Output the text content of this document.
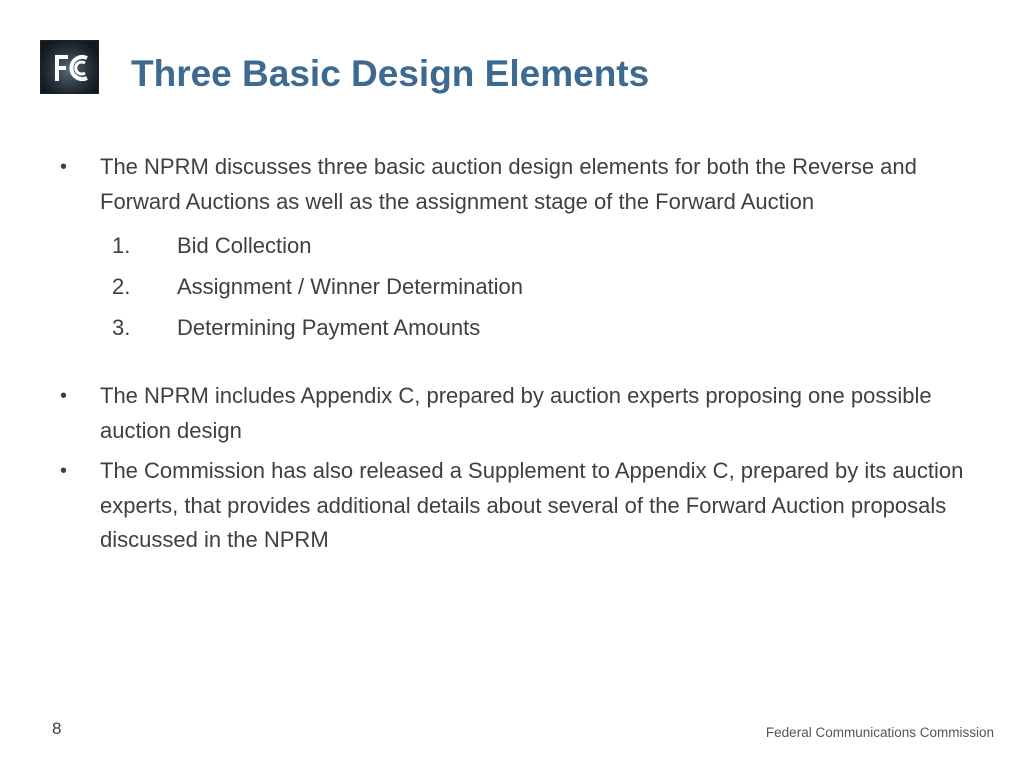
Three Basic Design Elements
•	The NPRM discusses three basic auction design elements for both the Reverse and Forward Auctions as well as the assignment stage of the Forward Auction
1. Bid Collection
2. Assignment / Winner Determination
3. Determining Payment Amounts
•	The NPRM includes Appendix C, prepared by auction experts proposing one possible auction design
•	The Commission has also released a Supplement to Appendix C, prepared by its auction experts, that provides additional details about several of the Forward Auction proposals discussed in the NPRM
8	Federal Communications Commission
